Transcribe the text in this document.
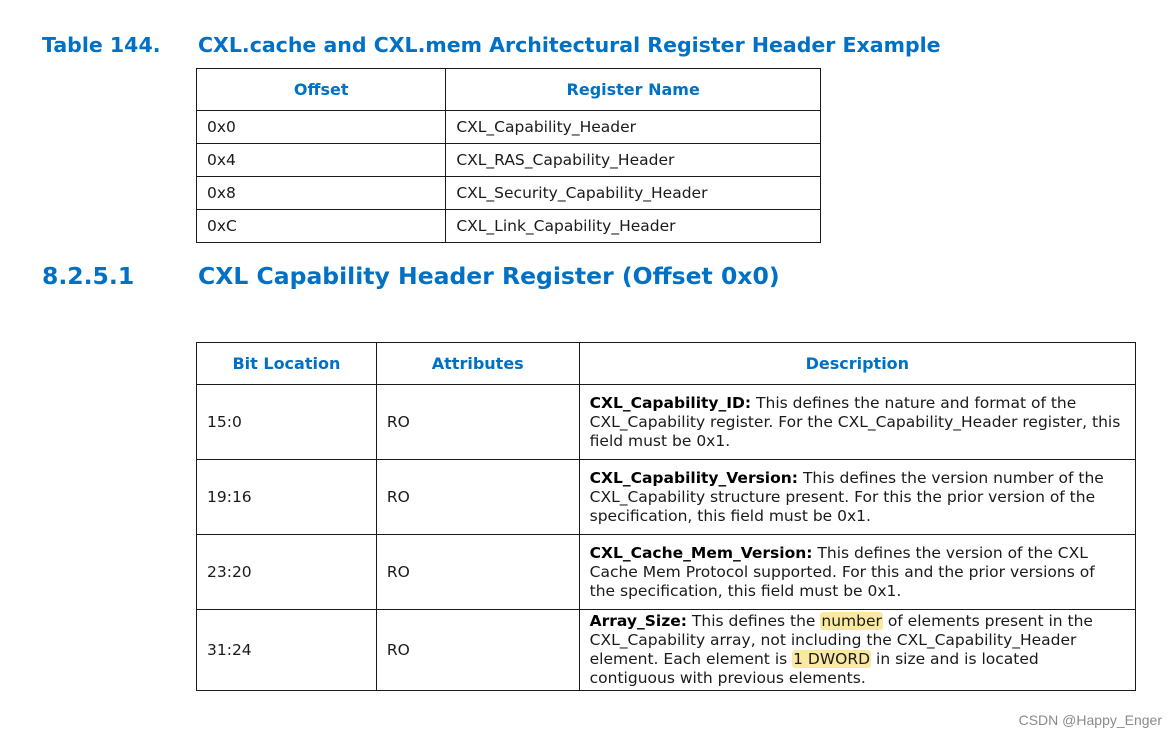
Table 144. CXL.cache and CXL.mem Architectural Register Header Example
Offset	Register Name
0x0	CXL_Capability_Header
0x4	CXL_RAS_Capability_Header
0x8	CXL_Security_Capability_Header
0xC	CXL_Link_Capability_Header
8.2.5.1	CXL Capability Header Register (Offset 0x0)
Bit Location	Attributes	Description
15:0	RO	CXL_Capability_ID: This defines the nature and format of the CXL_Capability register. For the CXL_Capability_Header register, this field must be 0x1.
19:16	RO	CXL_Capability_Version: This defines the version number of the CXL_Capability structure present. For this the prior version of the specification, this field must be 0x1.
23:20	RO	CXL_Cache_Mem_Version: This defines the version of the CXL Cache Mem Protocol supported. For this and the prior versions of the specification, this field must be 0x1.
31:24	RO	Array_Size: This defines the number of elements present in the CXL_Capability array, not including the CXL_Capability_Header element. Each element is 1 DWORD in size and is located contiguous with previous elements.
CSDN @Happy_Enger
